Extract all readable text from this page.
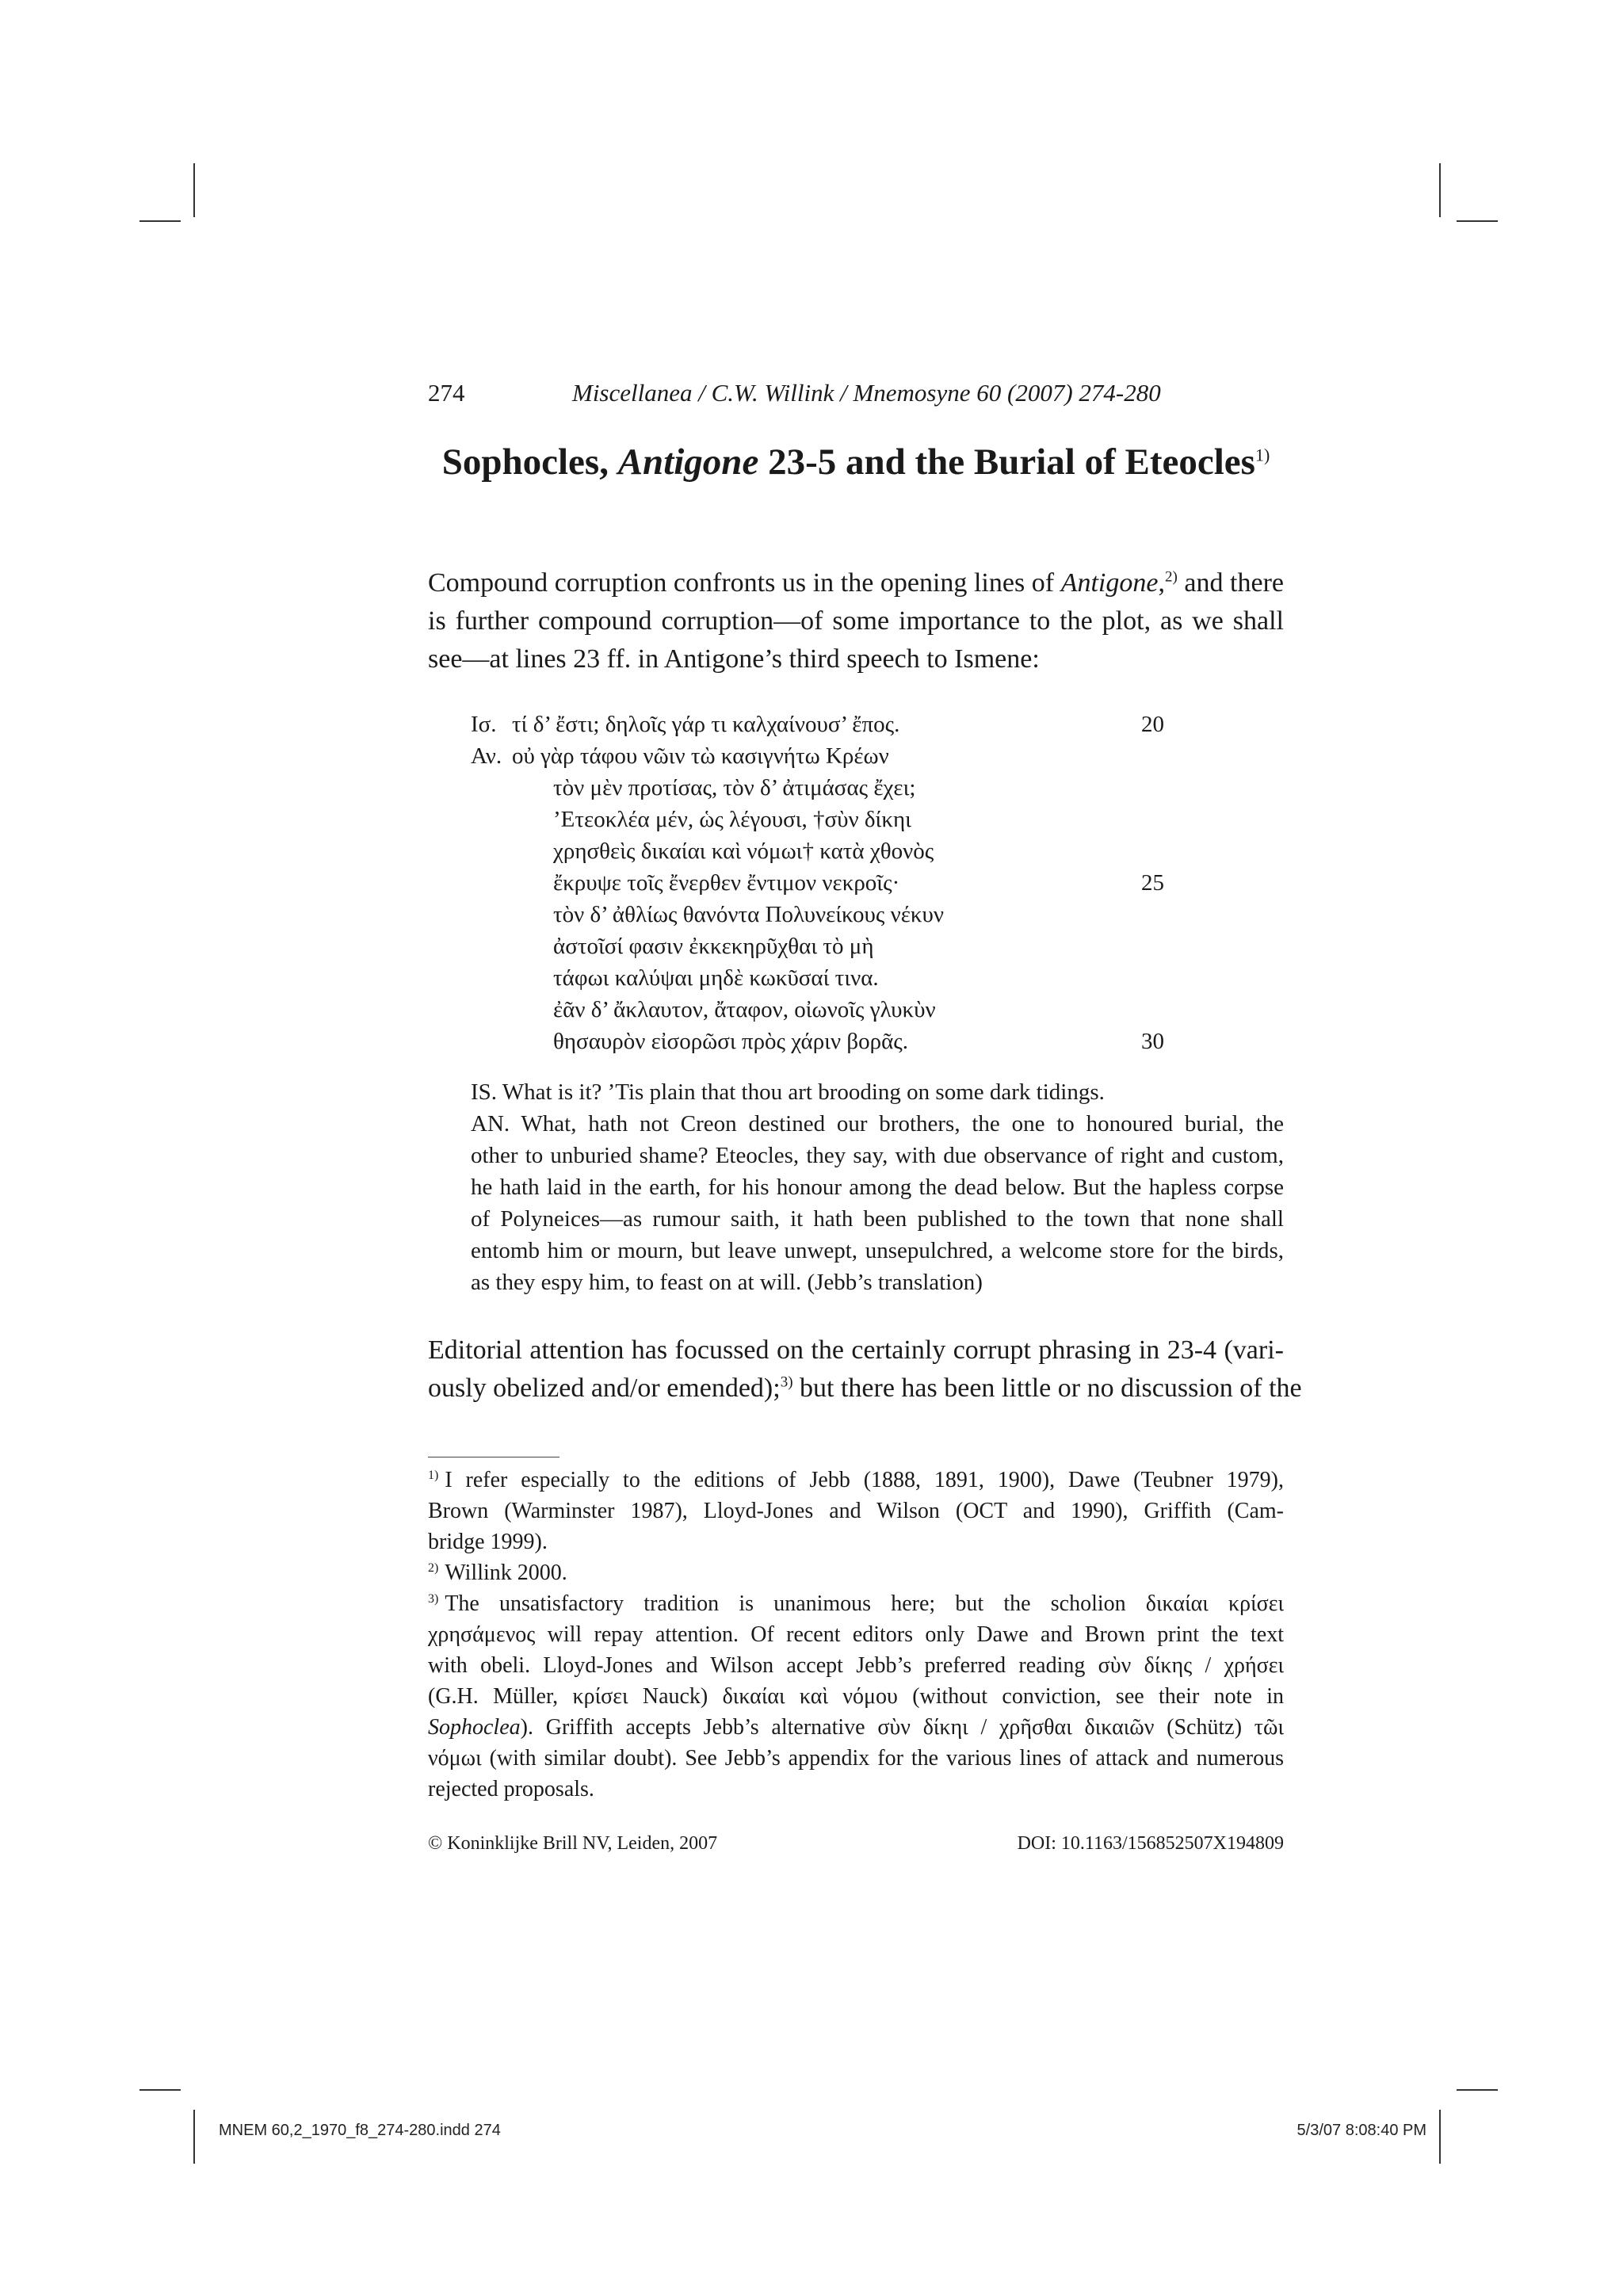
274	Miscellanea / C.W. Willink / Mnemosyne 60 (2007) 274-280
Sophocles, Antigone 23-5 and the Burial of Eteocles$^{1)}$
Compound corruption confronts us in the opening lines of Antigone,$^{2)}$ and there
is further compound corruption—of some importance to the plot, as we shall
see—at lines 23 ff. in Antigone’s third speech to Ismene:
Ισ. τί δ’ ἔστι; δηλοῖς γάρ τι καλχαίνουσ’ ἔπος.	20
Αν. οὐ γὰρ τάφου νῶιν τὼ κασιγνήτω Κρέων
τὸν μὲν προτίσας, τὸν δ’ ἀτιμάσας ἔχει;
’Ετεοκλέα μέν, ὡς λέγουσι, †σὺν δίκηι
χρησθεὶς δικαίαι καὶ νόμωι† κατὰ χθονὸς
ἔκρυψε τοῖς ἔνερθεν ἔντιμον νεκροῖς·	25
τὸν δ’ ἀθλίως θανόντα Πολυνείκους νέκυν
ἀστοῖσί φασιν ἐκκεκηρῦχθαι τὸ μὴ
τάφωι καλύψαι μηδὲ κωκῦσαί τινα.
ἐᾶν δ’ ἄκλαυτον, ἄταφον, οἰωνοῖς γλυκὺν
θησαυρὸν εἰσορῶσι πρὸς χάριν βορᾶς.	30
IS. What is it? ’Tis plain that thou art brooding on some dark tidings.
AN. What, hath not Creon destined our brothers, the one to honoured burial, the
other to unburied shame? Eteocles, they say, with due observance of right and custom,
he hath laid in the earth, for his honour among the dead below. But the hapless corpse
of Polyneices—as rumour saith, it hath been published to the town that none shall
entomb him or mourn, but leave unwept, unsepulchred, a welcome store for the birds,
as they espy him, to feast on at will. (Jebb’s translation)
Editorial attention has focussed on the certainly corrupt phrasing in 23-4 (vari-
ously obelized and/or emended);$^{3)}$ but there has been little or no discussion of the
$^{1)}$ I refer especially to the editions of Jebb (1888, 1891, 1900), Dawe (Teubner 1979),
Brown (Warminster 1987), Lloyd-Jones and Wilson (OCT and 1990), Griffith (Cam-
bridge 1999).
$^{2)}$ Willink 2000.
$^{3)}$ The unsatisfactory tradition is unanimous here; but the scholion δικαίαι κρίσει
χρησάμενος will repay attention. Of recent editors only Dawe and Brown print the text
with obeli. Lloyd-Jones and Wilson accept Jebb’s preferred reading σὺν δίκης / χρήσει
(G.H. Müller, κρίσει Nauck) δικαίαι καὶ νόμου (without conviction, see their note in
Sophoclea). Griffith accepts Jebb’s alternative σὺν δίκηι / χρῆσθαι δικαιῶν (Schütz) τῶι
νόμωι (with similar doubt). See Jebb’s appendix for the various lines of attack and numerous
rejected proposals.
© Koninklijke Brill NV, Leiden, 2007	DOI: 10.1163/156852507X194809
MNEM 60,2_1970_f8_274-280.indd 274	5/3/07 8:08:40 PM
